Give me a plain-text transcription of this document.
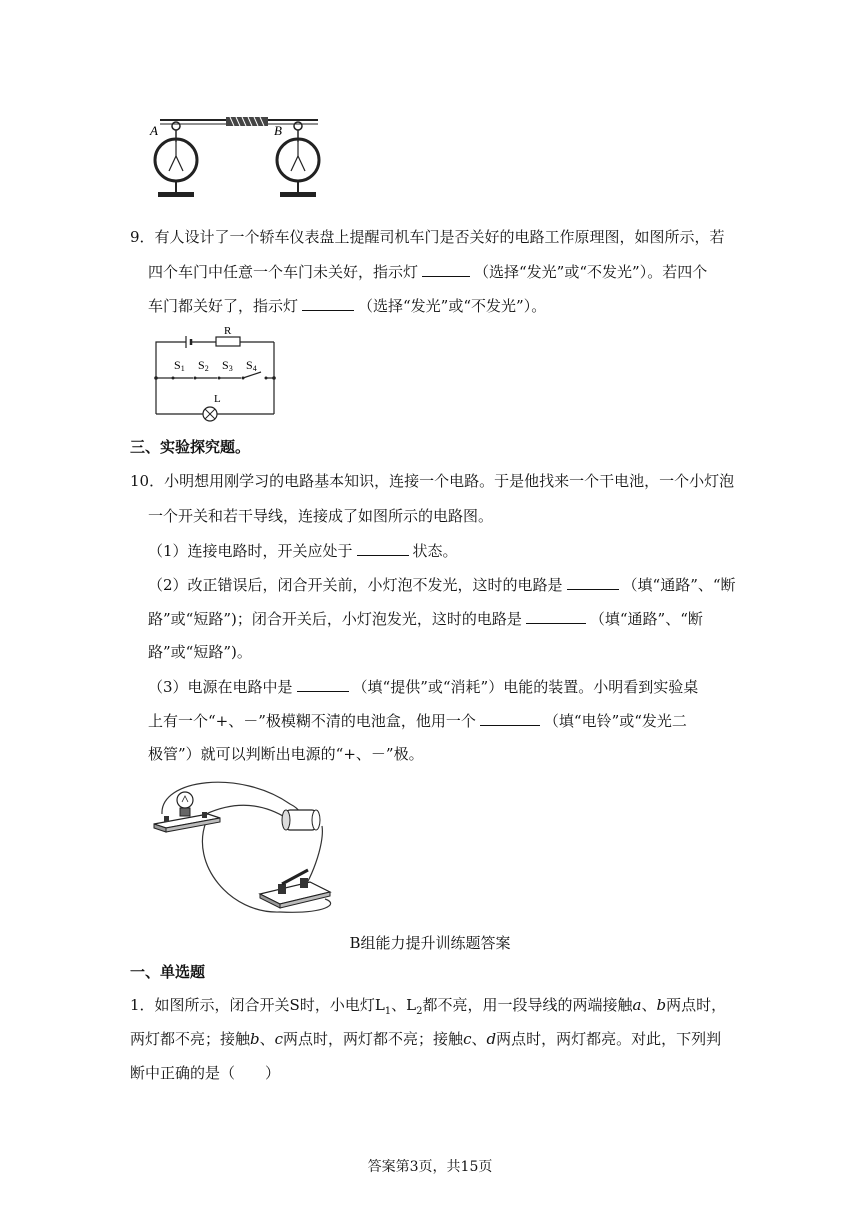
A	B
9．有人设计了一个轿车仪表盘上提醒司机车门是否关好的电路工作原理图，如图所示，若
四个车门中任意一个车门未关好，指示灯	（选择“发光”或“不发光”）。若四个
车门都关好了，指示灯	（选择“发光”或“不发光”）。
R
S1 S2 S3 S4
L
三、实验探究题。
10．小明想用刚学习的电路基本知识，连接一个电路。于是他找来一个干电池，一个小灯泡
一个开关和若干导线，连接成了如图所示的电路图。
（1）连接电路时，开关应处于	状态。
（2）改正错误后，闭合开关前，小灯泡不发光，这时的电路是	（填“通路”、“断
路”或“短路”)；闭合开关后，小灯泡发光，这时的电路是	（填“通路”、“断
路”或“短路”)。
（3）电源在电路中是	（填“提供”或“消耗”）电能的装置。小明看到实验桌
上有一个“+、－”极模糊不清的电池盒，他用一个	（填“电铃”或“发光二
极管”）就可以判断出电源的“+、－”极。
B组能力提升训练题答案
一、单选题
1．如图所示，闭合开关S时，小电灯$L_1$、$L_2$都不亮，用一段导线的两端接触a、b两点时，
两灯都不亮；接触b、c两点时，两灯都不亮；接触c、d两点时，两灯都亮。对此，下列判
断中正确的是（　　）
答案第3页，共15页
